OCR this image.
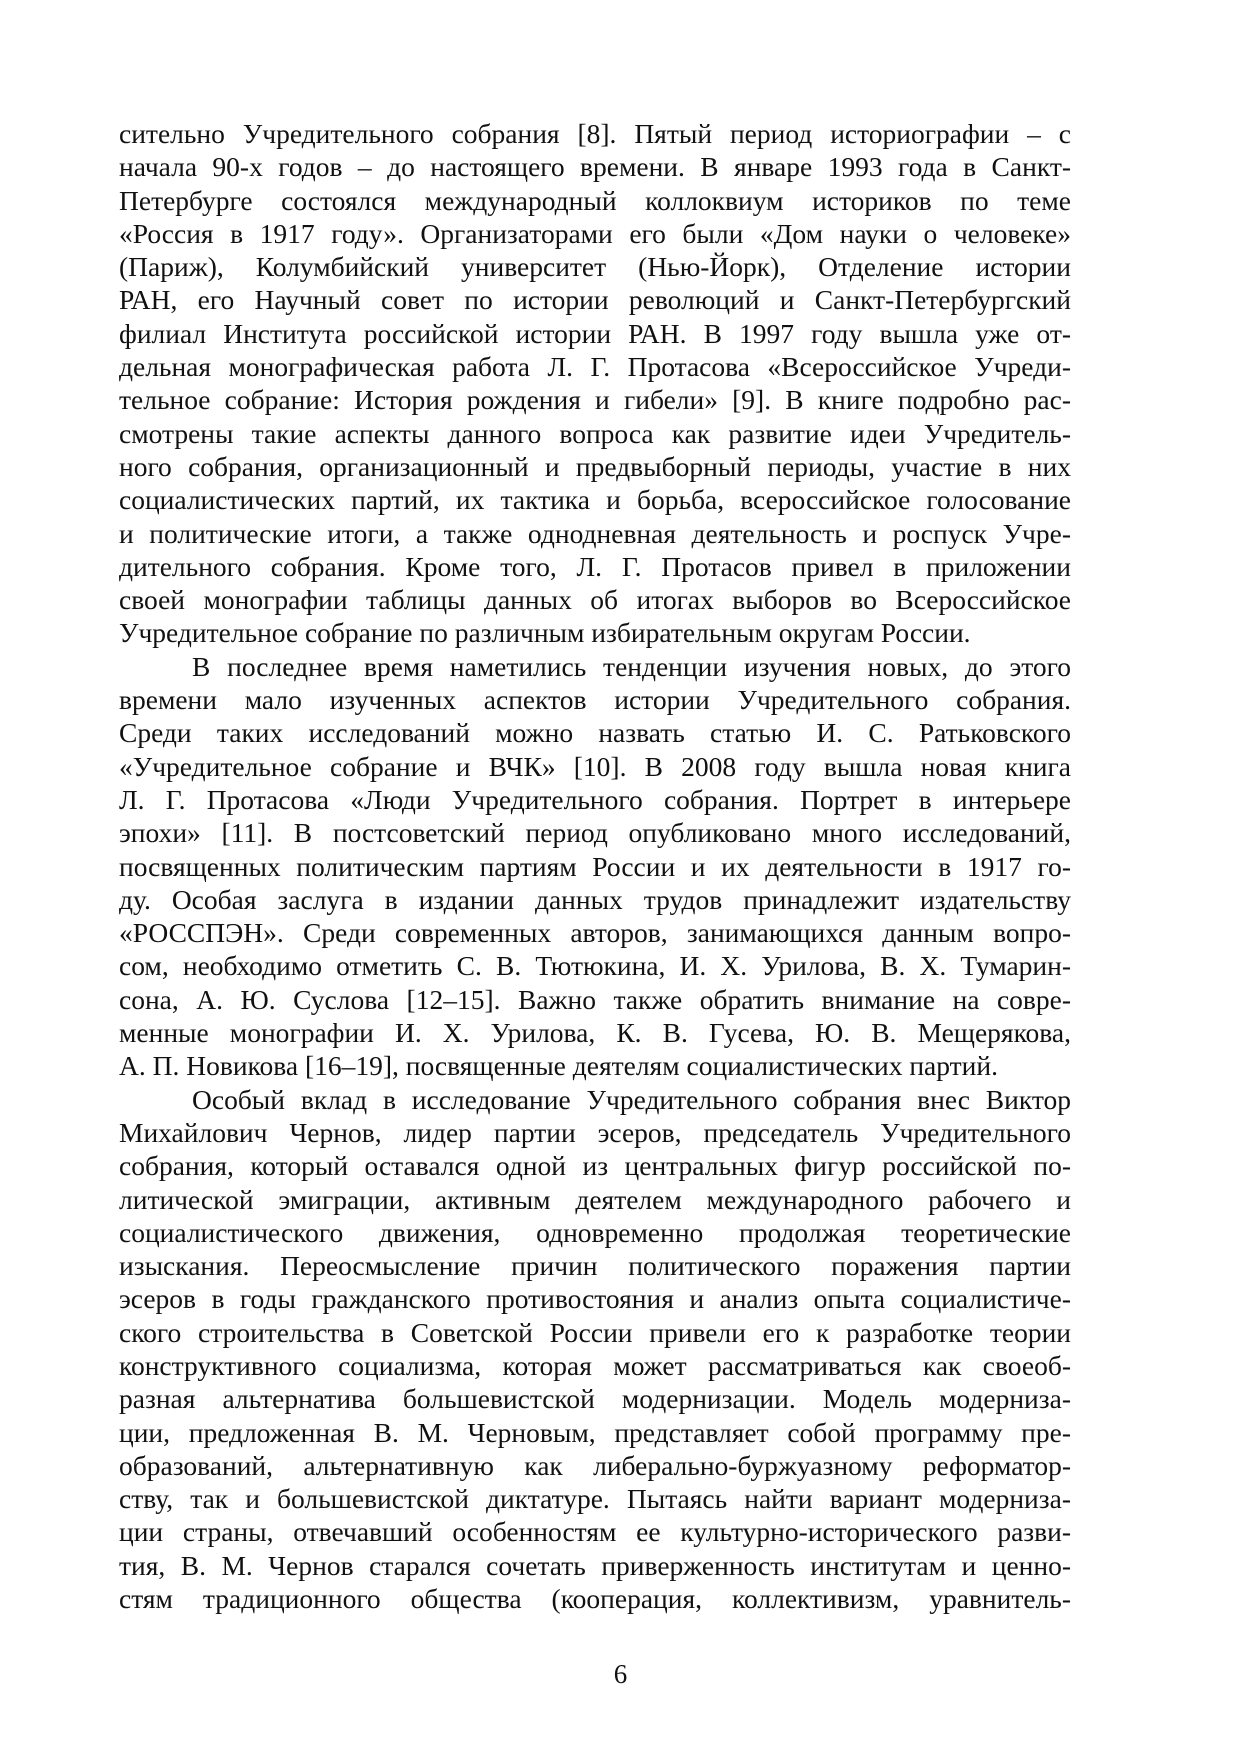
сительно Учредительного собрания [8]. Пятый период историографии – с
начала 90-х годов – до настоящего времени. В январе 1993 года в Санкт-
Петербурге состоялся международный коллоквиум историков по теме
«Россия в 1917 году». Организаторами его были «Дом науки о человеке»
(Париж), Колумбийский университет (Нью-Йорк), Отделение истории
РАН, его Научный совет по истории революций и Санкт-Петербургский
филиал Института российской истории РАН. В 1997 году вышла уже от-
дельная монографическая работа Л. Г. Протасова «Всероссийское Учреди-
тельное собрание: История рождения и гибели» [9]. В книге подробно рас-
смотрены такие аспекты данного вопроса как развитие идеи Учредитель-
ного собрания, организационный и предвыборный периоды, участие в них
социалистических партий, их тактика и борьба, всероссийское голосование
и политические итоги, а также однодневная деятельность и роспуск Учре-
дительного собрания. Кроме того, Л. Г. Протасов привел в приложении
своей монографии таблицы данных об итогах выборов во Всероссийское
Учредительное собрание по различным избирательным округам России.
В последнее время наметились тенденции изучения новых, до этого
времени мало изученных аспектов истории Учредительного собрания.
Среди таких исследований можно назвать статью И. С. Ратьковского
«Учредительное собрание и ВЧК» [10]. В 2008 году вышла новая книга
Л. Г. Протасова «Люди Учредительного собрания. Портрет в интерьере
эпохи» [11]. В постсоветский период опубликовано много исследований,
посвященных политическим партиям России и их деятельности в 1917 го-
ду. Особая заслуга в издании данных трудов принадлежит издательству
«РОССПЭН». Среди современных авторов, занимающихся данным вопро-
сом, необходимо отметить С. В. Тютюкина, И. Х. Урилова, В. Х. Тумарин-
сона, А. Ю. Суслова [12–15]. Важно также обратить внимание на совре-
менные монографии И. Х. Урилова, К. В. Гусева, Ю. В. Мещерякова,
А. П. Новикова [16–19], посвященные деятелям социалистических партий.
Особый вклад в исследование Учредительного собрания внес Виктор
Михайлович Чернов, лидер партии эсеров, председатель Учредительного
собрания, который оставался одной из центральных фигур российской по-
литической эмиграции, активным деятелем международного рабочего и
социалистического движения, одновременно продолжая теоретические
изыскания. Переосмысление причин политического поражения партии
эсеров в годы гражданского противостояния и анализ опыта социалистиче-
ского строительства в Советской России привели его к разработке теории
конструктивного социализма, которая может рассматриваться как своеоб-
разная альтернатива большевистской модернизации. Модель модерниза-
ции, предложенная В. М. Черновым, представляет собой программу пре-
образований, альтернативную как либерально-буржуазному реформатор-
ству, так и большевистской диктатуре. Пытаясь найти вариант модерниза-
ции страны, отвечавший особенностям ее культурно-исторического разви-
тия, В. М. Чернов старался сочетать приверженность институтам и ценно-
стям традиционного общества (кооперация, коллективизм, уравнитель-
6
